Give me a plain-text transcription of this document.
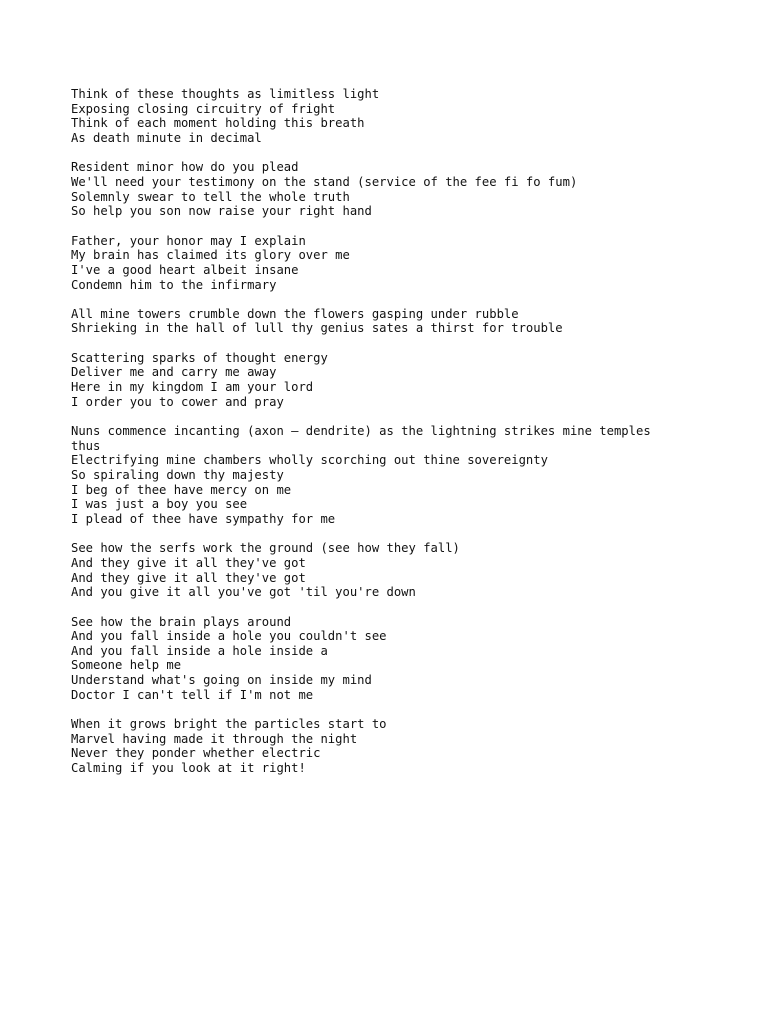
Think of these thoughts as limitless light
Exposing closing circuitry of fright
Think of each moment holding this breath
As death minute in decimal
Resident minor how do you plead
We'll need your testimony on the stand (service of the fee fi fo fum)
Solemnly swear to tell the whole truth
So help you son now raise your right hand
Father, your honor may I explain
My brain has claimed its glory over me
I've a good heart albeit insane
Condemn him to the infirmary
All mine towers crumble down the flowers gasping under rubble
Shrieking in the hall of lull thy genius sates a thirst for trouble
Scattering sparks of thought energy
Deliver me and carry me away
Here in my kingdom I am your lord
I order you to cower and pray
Nuns commence incanting (axon – dendrite) as the lightning strikes mine temples
thus
Electrifying mine chambers wholly scorching out thine sovereignty
So spiraling down thy majesty
I beg of thee have mercy on me
I was just a boy you see
I plead of thee have sympathy for me
See how the serfs work the ground (see how they fall)
And they give it all they've got
And they give it all they've got
And you give it all you've got 'til you're down
See how the brain plays around
And you fall inside a hole you couldn't see
And you fall inside a hole inside a
Someone help me
Understand what's going on inside my mind
Doctor I can't tell if I'm not me
When it grows bright the particles start to
Marvel having made it through the night
Never they ponder whether electric
Calming if you look at it right!
